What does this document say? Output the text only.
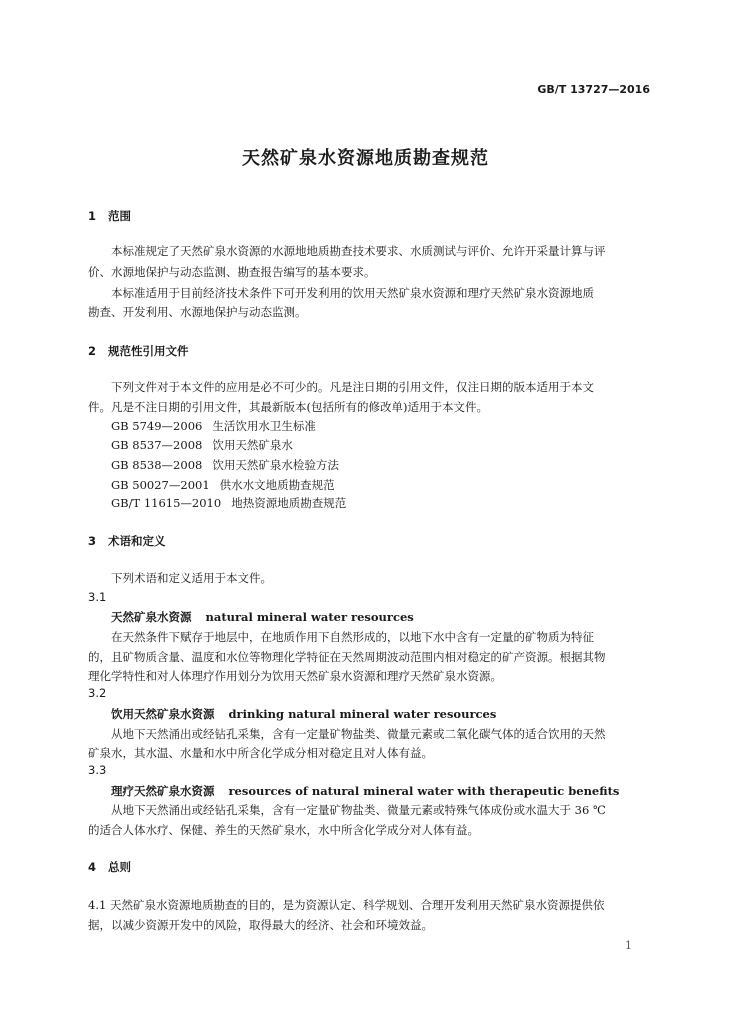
GB/T 13727—2016
天然矿泉水资源地质勘查规范
1 范围
本标准规定了天然矿泉水资源的水源地地质勘查技术要求、水质测试与评价、允许开采量计算与评
价、水源地保护与动态监测、勘查报告编写的基本要求。
本标准适用于目前经济技术条件下可开发利用的饮用天然矿泉水资源和理疗天然矿泉水资源地质
勘查、开发利用、水源地保护与动态监测。
2 规范性引用文件
下列文件对于本文件的应用是必不可少的。凡是注日期的引用文件，仅注日期的版本适用于本文
件。凡是不注日期的引用文件，其最新版本(包括所有的修改单)适用于本文件。
GB 5749—2006 生活饮用水卫生标准
GB 8537—2008 饮用天然矿泉水
GB 8538—2008 饮用天然矿泉水检验方法
GB 50027—2001 供水水文地质勘查规范
GB/T 11615—2010 地热资源地质勘查规范
3 术语和定义
下列术语和定义适用于本文件。
3.1
天然矿泉水资源 natural mineral water resources
在天然条件下赋存于地层中，在地质作用下自然形成的，以地下水中含有一定量的矿物质为特征
的，且矿物质含量、温度和水位等物理化学特征在天然周期波动范围内相对稳定的矿产资源。根据其物
理化学特性和对人体理疗作用划分为饮用天然矿泉水资源和理疗天然矿泉水资源。
3.2
饮用天然矿泉水资源 drinking natural mineral water resources
从地下天然涌出或经钻孔采集，含有一定量矿物盐类、微量元素或二氧化碳气体的适合饮用的天然
矿泉水，其水温、水量和水中所含化学成分相对稳定且对人体有益。
3.3
理疗天然矿泉水资源 resources of natural mineral water with therapeutic benefits
从地下天然涌出或经钻孔采集，含有一定量矿物盐类、微量元素或特殊气体成份或水温大于 36 ℃
的适合人体水疗、保健、养生的天然矿泉水，水中所含化学成分对人体有益。
4 总则
4.1 天然矿泉水资源地质勘查的目的，是为资源认定、科学规划、合理开发利用天然矿泉水资源提供依
据，以减少资源开发中的风险，取得最大的经济、社会和环境效益。
1
